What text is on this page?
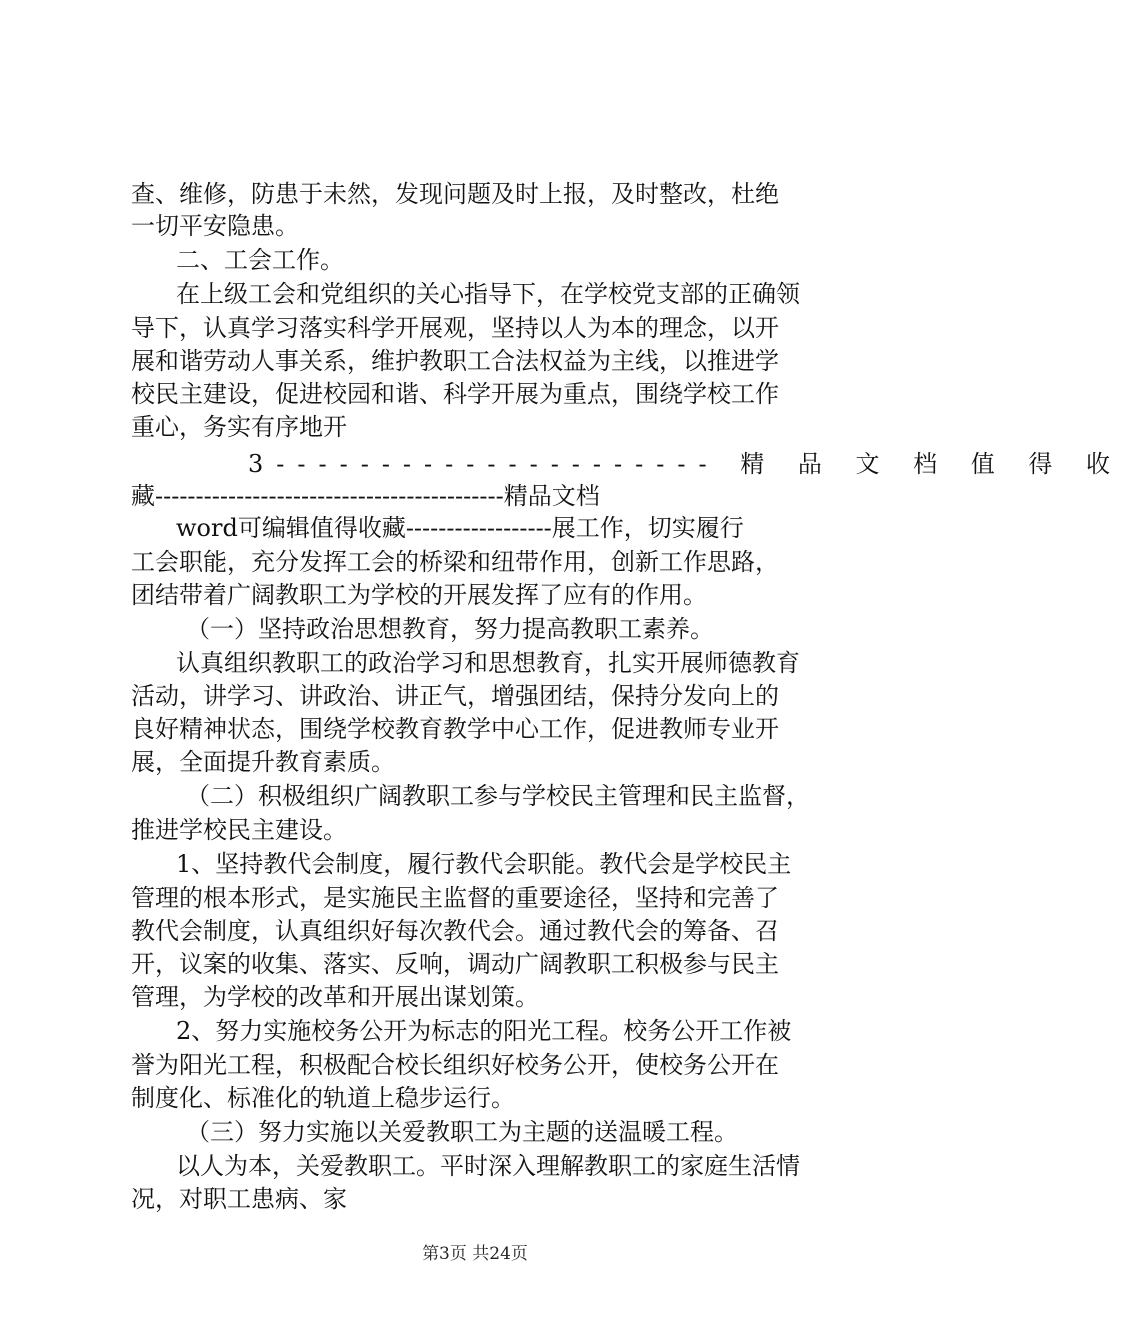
查、维修，防患于未然，发现问题及时上报，及时整改，杜绝
一切平安隐患。
二、工会工作。
在上级工会和党组织的关心指导下，在学校党支部的正确领
导下，认真学习落实科学开展观，坚持以人为本的理念，以开
展和谐劳动人事关系，维护教职工合法权益为主线，以推进学
校民主建设，促进校园和谐、科学开展为重点，围绕学校工作
重心，务实有序地开
3--------------------- 精 品 文 档 值 得 收
藏-------------------------------------------精品文档
word可编辑值得收藏------------------展工作，切实履行
工会职能，充分发挥工会的桥梁和纽带作用，创新工作思路，
团结带着广阔教职工为学校的开展发挥了应有的作用。
（一）坚持政治思想教育，努力提高教职工素养。
认真组织教职工的政治学习和思想教育，扎实开展师德教育
活动，讲学习、讲政治、讲正气，增强团结，保持分发向上的
良好精神状态，围绕学校教育教学中心工作，促进教师专业开
展，全面提升教育素质。
（二）积极组织广阔教职工参与学校民主管理和民主监督，
推进学校民主建设。
1、坚持教代会制度，履行教代会职能。教代会是学校民主
管理的根本形式，是实施民主监督的重要途径，坚持和完善了
教代会制度，认真组织好每次教代会。通过教代会的筹备、召
开，议案的收集、落实、反响，调动广阔教职工积极参与民主
管理，为学校的改革和开展出谋划策。
2、努力实施校务公开为标志的阳光工程。校务公开工作被
誉为阳光工程，积极配合校长组织好校务公开，使校务公开在
制度化、标准化的轨道上稳步运行。
（三）努力实施以关爱教职工为主题的送温暖工程。
以人为本，关爱教职工。平时深入理解教职工的家庭生活情
况，对职工患病、家
第3页 共24页
